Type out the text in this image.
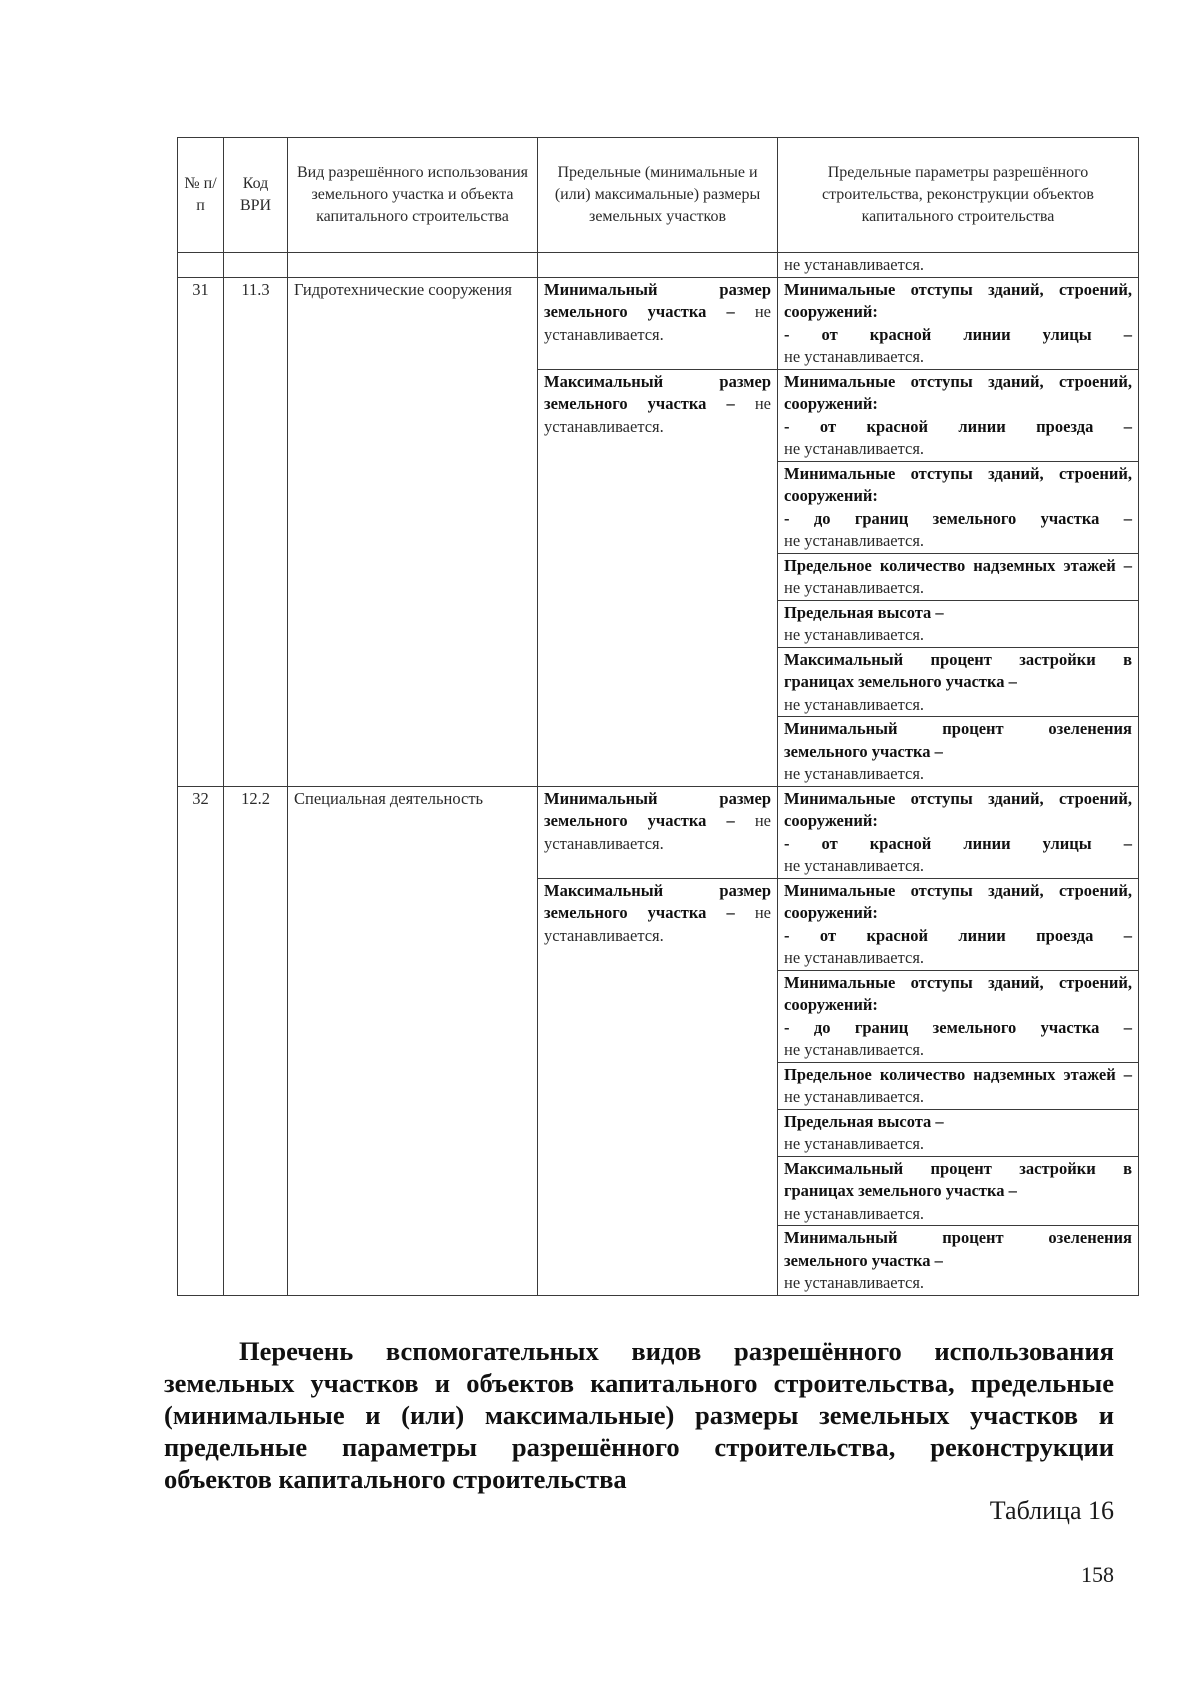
№ п/ п	Код ВРИ	Вид разрешённого использования земельного участка и объекта капитального строительства	Предельные (минимальные и (или) максимальные) размеры земельных участков	Предельные параметры разрешённого строительства, реконструкции объектов капитального строительства
				не устанавливается.
31	11.3	Гидротехнические сооружения	Минимальный размер земельного участка – не устанавливается.	Минимальные отступы зданий, строений, сооружений:
- от красной линии улицы –
не устанавливается.
			Максимальный размер земельного участка – не устанавливается.	Минимальные отступы зданий, строений, сооружений:
- от красной линии проезда –
не устанавливается.
				Минимальные отступы зданий, строений, сооружений:
- до границ земельного участка –
не устанавливается.
				Предельное количество надземных этажей – не устанавливается.
				Предельная высота –
не устанавливается.
				Максимальный процент застройки в границах земельного участка –
не устанавливается.
				Минимальный процент озеленения земельного участка –
не устанавливается.
32	12.2	Специальная деятельность	Минимальный размер земельного участка – не устанавливается.	Минимальные отступы зданий, строений, сооружений:
- от красной линии улицы –
не устанавливается.
			Максимальный размер земельного участка – не устанавливается.	Минимальные отступы зданий, строений, сооружений:
- от красной линии проезда –
не устанавливается.
				Минимальные отступы зданий, строений, сооружений:
- до границ земельного участка –
не устанавливается.
				Предельное количество надземных этажей – не устанавливается.
				Предельная высота –
не устанавливается.
				Максимальный процент застройки в границах земельного участка –
не устанавливается.
				Минимальный процент озеленения земельного участка –
не устанавливается.
Перечень вспомогательных видов разрешённого использования земельных участков и объектов капитального строительства, предельные (минимальные и (или) максимальные) размеры земельных участков и предельные параметры разрешённого строительства, реконструкции объектов капитального строительства
Таблица 16
158
